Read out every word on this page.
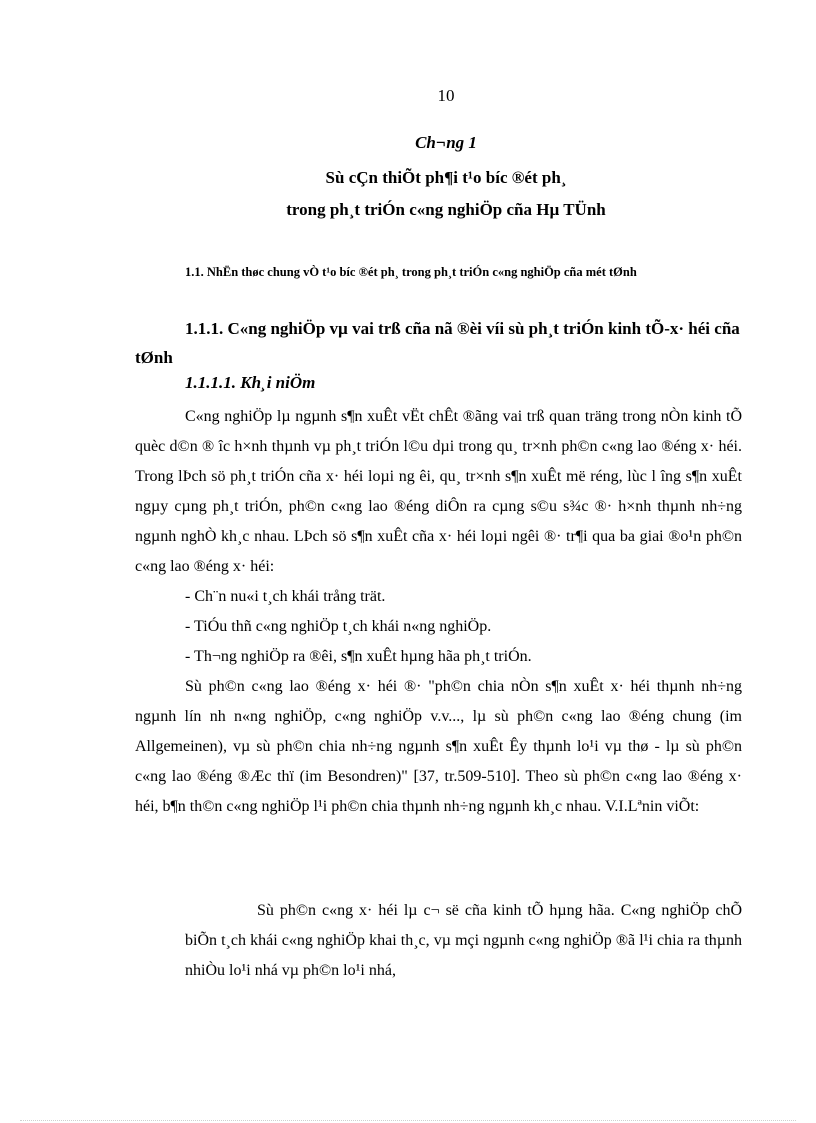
10
Ch¬ng 1
Sù cÇn thiÕt ph¶i t¹o bíc ®ét ph¸
trong ph¸t triÓn c«ng nghiÖp cña Hµ TÜnh
1.1. NhËn thøc chung vÒ t¹o bíc ®ét ph¸ trong ph¸t triÓn c«ng nghiÖp cña mét tØnh
1.1.1. C«ng nghiÖp vµ vai trß cña nã ®èi víi sù ph¸t triÓn kinh tÕ-x· héi cña tØnh
1.1.1.1. Kh¸i niÖm

C«ng nghiÖp lµ ngµnh s¶n xuÊt vËt chÊt ®ãng vai trß quan träng trong nÒn kinh tÕ quèc d©n ® îc h×nh thµnh vµ ph¸t triÓn l©u dµi trong qu¸ tr×nh ph©n c«ng lao ®éng x· héi. Trong lÞch sö ph¸t triÓn cña x· héi loµi ng êi, qu¸ tr×nh s¶n xuÊt më réng, lùc l îng s¶n xuÊt ngµy cµng ph¸t triÓn, ph©n c«ng lao ®éng diÔn ra cµng s©u s¾c ®· h×nh thµnh nh÷ng ngµnh nghÒ kh¸c nhau. LÞch sö s¶n xuÊt cña x· héi loµi ngêi ®· tr¶i qua ba giai ®o¹n ph©n c«ng lao ®éng x· héi:

- Ch¨n nu«i t¸ch khái trång trät.

- TiÓu thñ c«ng nghiÖp t¸ch khái n«ng nghiÖp.

- Th¬ng nghiÖp ra ®êi, s¶n xuÊt hµng hãa ph¸t triÓn.

Sù ph©n c«ng lao ®éng x· héi ®· "ph©n chia nÒn s¶n xuÊt x· héi thµnh nh÷ng ngµnh lín nh n«ng nghiÖp, c«ng nghiÖp v.v..., lµ sù ph©n c«ng lao ®éng chung (im Allgemeinen), vµ sù ph©n chia nh÷ng ngµnh s¶n xuÊt Êy thµnh lo¹i vµ thø - lµ sù ph©n c«ng lao ®éng ®Æc thï (im Besondren)" [37, tr.509-510]. Theo sù ph©n c«ng lao ®éng x· héi, b¶n th©n c«ng nghiÖp l¹i ph©n chia thµnh nh÷ng ngµnh kh¸c nhau. V.I.Lªnin viÕt:

Sù ph©n c«ng x· héi lµ c¬ së cña kinh tÕ hµng hãa. C«ng nghiÖp chÕ biÕn t¸ch khái c«ng nghiÖp khai th¸c, vµ mçi ngµnh c«ng nghiÖp ®ã l¹i chia ra thµnh nhiÒu lo¹i nhá vµ ph©n lo¹i nhá,
